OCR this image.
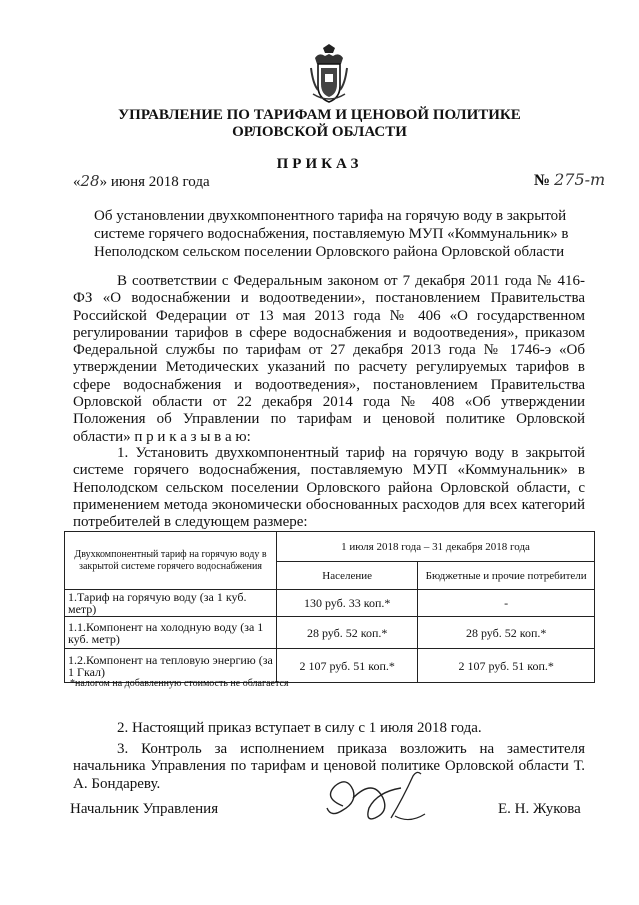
УПРАВЛЕНИЕ ПО ТАРИФАМ И ЦЕНОВОЙ ПОЛИТИКЕ
ОРЛОВСКОЙ ОБЛАСТИ
ПРИКАЗ
«28» июня 2018 года	№ 275-т
Об установлении двухкомпонентного тарифа на горячую воду в закрытой системе горячего водоснабжения, поставляемую МУП «Коммунальник» в Неполодском сельском поселении Орловского района Орловской области
В соответствии с Федеральным законом от 7 декабря 2011 года № 416-ФЗ «О водоснабжении и водоотведении», постановлением Правительства Российской Федерации от 13 мая 2013 года № 406 «О государственном регулировании тарифов в сфере водоснабжения и водоотведения», приказом Федеральной службы по тарифам от 27 декабря 2013 года № 1746-э «Об утверждении Методических указаний по расчету регулируемых тарифов в сфере водоснабжения и водоотведения», постановлением Правительства Орловской области от 22 декабря 2014 года № 408 «Об утверждении Положения об Управлении по тарифам и ценовой политике Орловской области» п р и к а з ы в а ю:
1. Установить двухкомпонентный тариф на горячую воду в закрытой системе горячего водоснабжения, поставляемую МУП «Коммунальник» в Неполодском сельском поселении Орловского района Орловской области, с применением метода экономически обоснованных расходов для всех категорий потребителей в следующем размере:
Двухкомпонентный тариф на горячую воду в закрытой системе горячего водоснабжения	1 июля 2018 года – 31 декабря 2018 года	
	Население	Бюджетные и прочие потребители
1.Тариф на горячую воду (за 1 куб. метр)	130 руб. 33 коп.*	-
1.1.Компонент на холодную воду (за 1 куб. метр)	28 руб. 52 коп.*	28 руб. 52 коп.*
1.2.Компонент на тепловую энергию (за 1 Гкал)	2 107 руб. 51 коп.*	2 107 руб. 51 коп.*
*налогом на добавленную стоимость не облагается
2. Настоящий приказ вступает в силу с 1 июля 2018 года.
3. Контроль за исполнением приказа возложить на заместителя начальника Управления по тарифам и ценовой политике Орловской области Т. А. Бондареву.
Начальник Управления	Е. Н. Жукова
